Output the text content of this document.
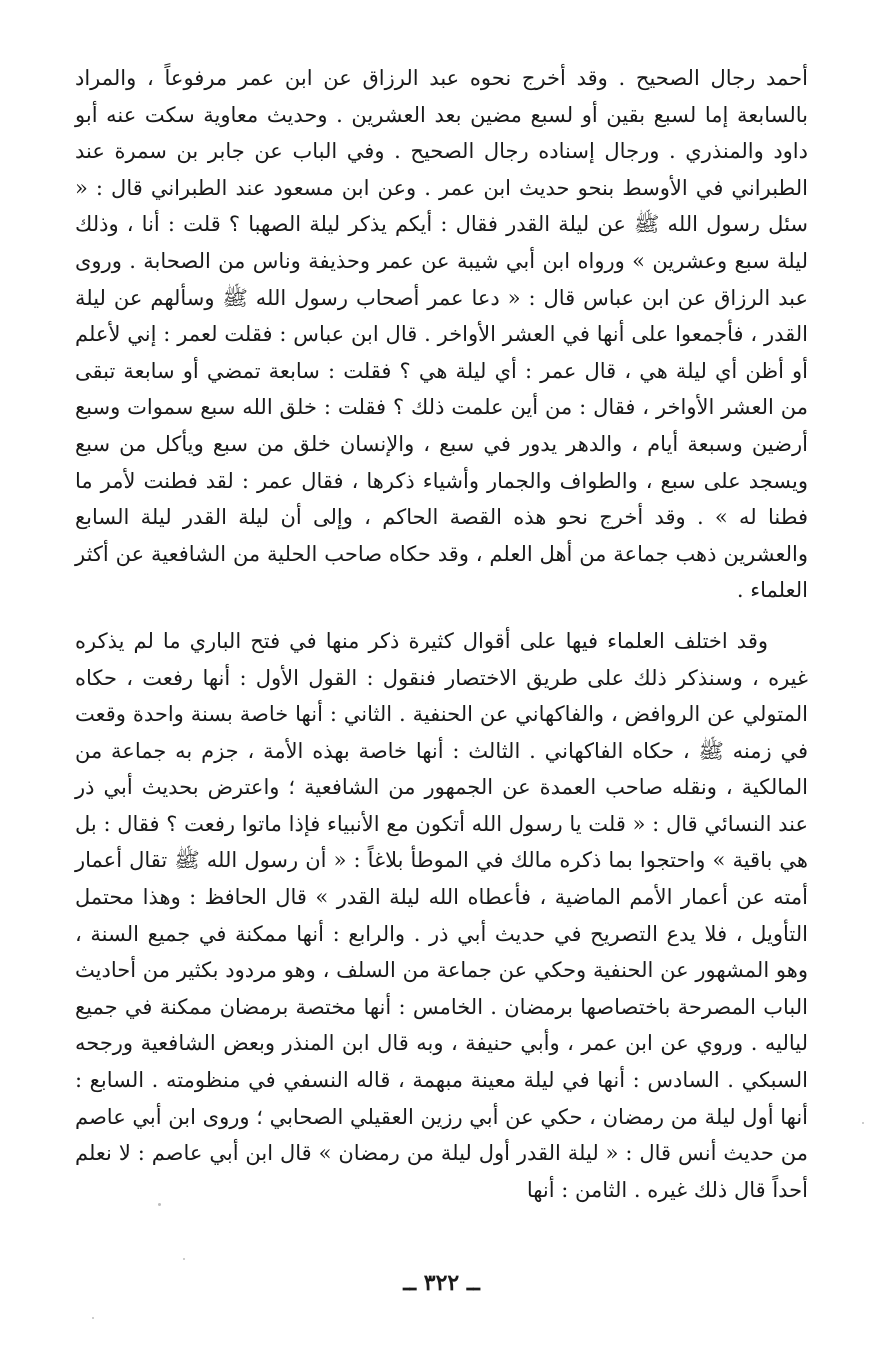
أحمد رجال الصحيح . وقد أخرج نحوه عبد الرزاق عن ابن عمر مرفوعاً ، والمراد بالسابعة إما لسبع بقين أو لسبع مضين بعد العشرين . وحديث معاوية سكت عنه أبو داود والمنذري . ورجال إسناده رجال الصحيح . وفي الباب عن جابر بن سمرة عند الطبراني في الأوسط بنحو حديث ابن عمر . وعن ابن مسعود عند الطبراني قال : « سئل رسول الله ﷺ عن ليلة القدر فقال : أيكم يذكر ليلة الصهبا ؟ قلت : أنا ، وذلك ليلة سبع وعشرين » ورواه ابن أبي شيبة عن عمر وحذيفة وناس من الصحابة . وروى عبد الرزاق عن ابن عباس قال : « دعا عمر أصحاب رسول الله ﷺ وسألهم عن ليلة القدر ، فأجمعوا على أنها في العشر الأواخر . قال ابن عباس : فقلت لعمر : إني لأعلم أو أظن أي ليلة هي ، قال عمر : أي ليلة هي ؟ فقلت : سابعة تمضي أو سابعة تبقى من العشر الأواخر ، فقال : من أين علمت ذلك ؟ فقلت : خلق الله سبع سموات وسبع أرضين وسبعة أيام ، والدهر يدور في سبع ، والإنسان خلق من سبع ويأكل من سبع ويسجد على سبع ، والطواف والجمار وأشياء ذكرها ، فقال عمر : لقد فطنت لأمر ما فطنا له » . وقد أخرج نحو هذه القصة الحاكم ، وإلى أن ليلة القدر ليلة السابع والعشرين ذهب جماعة من أهل العلم ، وقد حكاه صاحب الحلية من الشافعية عن أكثر العلماء .

وقد اختلف العلماء فيها على أقوال كثيرة ذكر منها في فتح الباري ما لم يذكره غيره ، وسنذكر ذلك على طريق الاختصار فنقول : القول الأول : أنها رفعت ، حكاه المتولي عن الروافض ، والفاكهاني عن الحنفية . الثاني : أنها خاصة بسنة واحدة وقعت في زمنه ﷺ ، حكاه الفاكهاني . الثالث : أنها خاصة بهذه الأمة ، جزم به جماعة من المالكية ، ونقله صاحب العمدة عن الجمهور من الشافعية ؛ واعترض بحديث أبي ذر عند النسائي قال : « قلت يا رسول الله أتكون مع الأنبياء فإذا ماتوا رفعت ؟ فقال : بل هي باقية » واحتجوا بما ذكره مالك في الموطأ بلاغاً : « أن رسول الله ﷺ تقال أعمار أمته عن أعمار الأمم الماضية ، فأعطاه الله ليلة القدر » قال الحافظ : وهذا محتمل التأويل ، فلا يدع التصريح في حديث أبي ذر . والرابع : أنها ممكنة في جميع السنة ، وهو المشهور عن الحنفية وحكي عن جماعة من السلف ، وهو مردود بكثير من أحاديث الباب المصرحة باختصاصها برمضان . الخامس : أنها مختصة برمضان ممكنة في جميع لياليه . وروي عن ابن عمر ، وأبي حنيفة ، وبه قال ابن المنذر وبعض الشافعية ورجحه السبكي . السادس : أنها في ليلة معينة مبهمة ، قاله النسفي في منظومته . السابع : أنها أول ليلة من رمضان ، حكي عن أبي رزين العقيلي الصحابي ؛ وروى ابن أبي عاصم من حديث أنس قال : « ليلة القدر أول ليلة من رمضان » قال ابن أبي عاصم : لا نعلم أحداً قال ذلك غيره . الثامن : أنها

ــ ٣٢٢ ــ
